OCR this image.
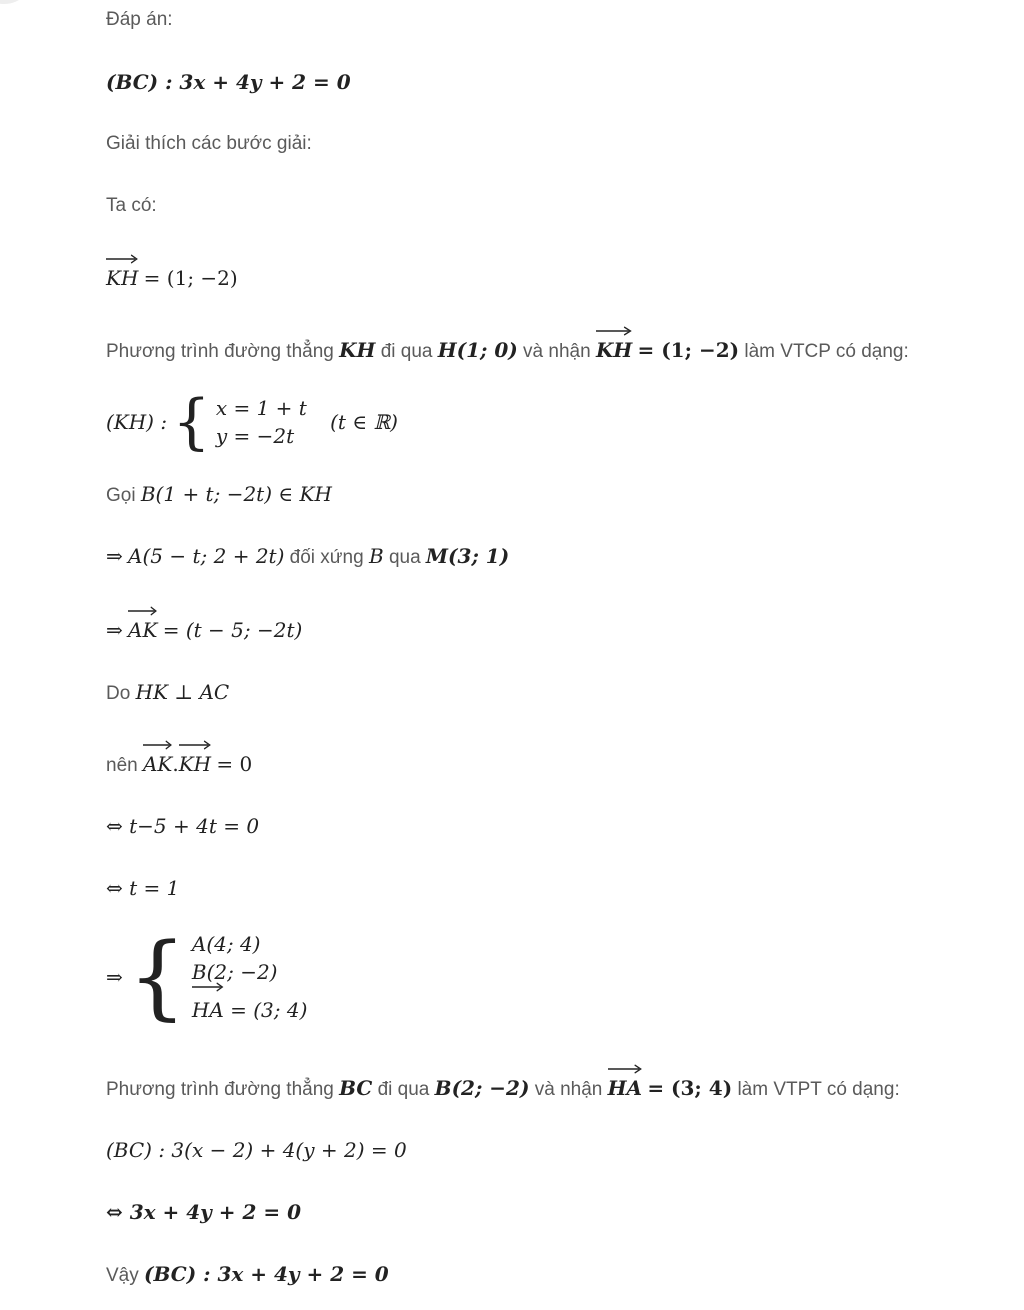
Đáp án:
(BC) : 3x + 4y + 2 = 0
Giải thích các bước giải:
Ta có:
KH = (1; −2)
Phương trình đường thẳng KH đi qua H(1; 0) và nhận KH = (1; −2) làm VTCP có dạng:
(KH) : { x = 1 + t
y = −2t
(t ∈ ℝ)
Gọi B(1 + t; −2t) ∈ KH
⇒ A(5 − t; 2 + 2t) đối xứng B qua M(3; 1)
⇒ AK = (t − 5; −2t)
Do HK ⊥ AC
nên AK.
KH = 0
⇔ t−5 + 4t = 0
⇔ t = 1
⇒ { A(4; 4)
B(2; −2)
HA = (3; 4)
Phương trình đường thẳng BC đi qua B(2; −2) và nhận HA = (3; 4) làm VTPT có dạng:
(BC) : 3(x − 2) + 4(y + 2) = 0
⇔ 3x + 4y + 2 = 0
Vậy (BC) : 3x + 4y + 2 = 0
